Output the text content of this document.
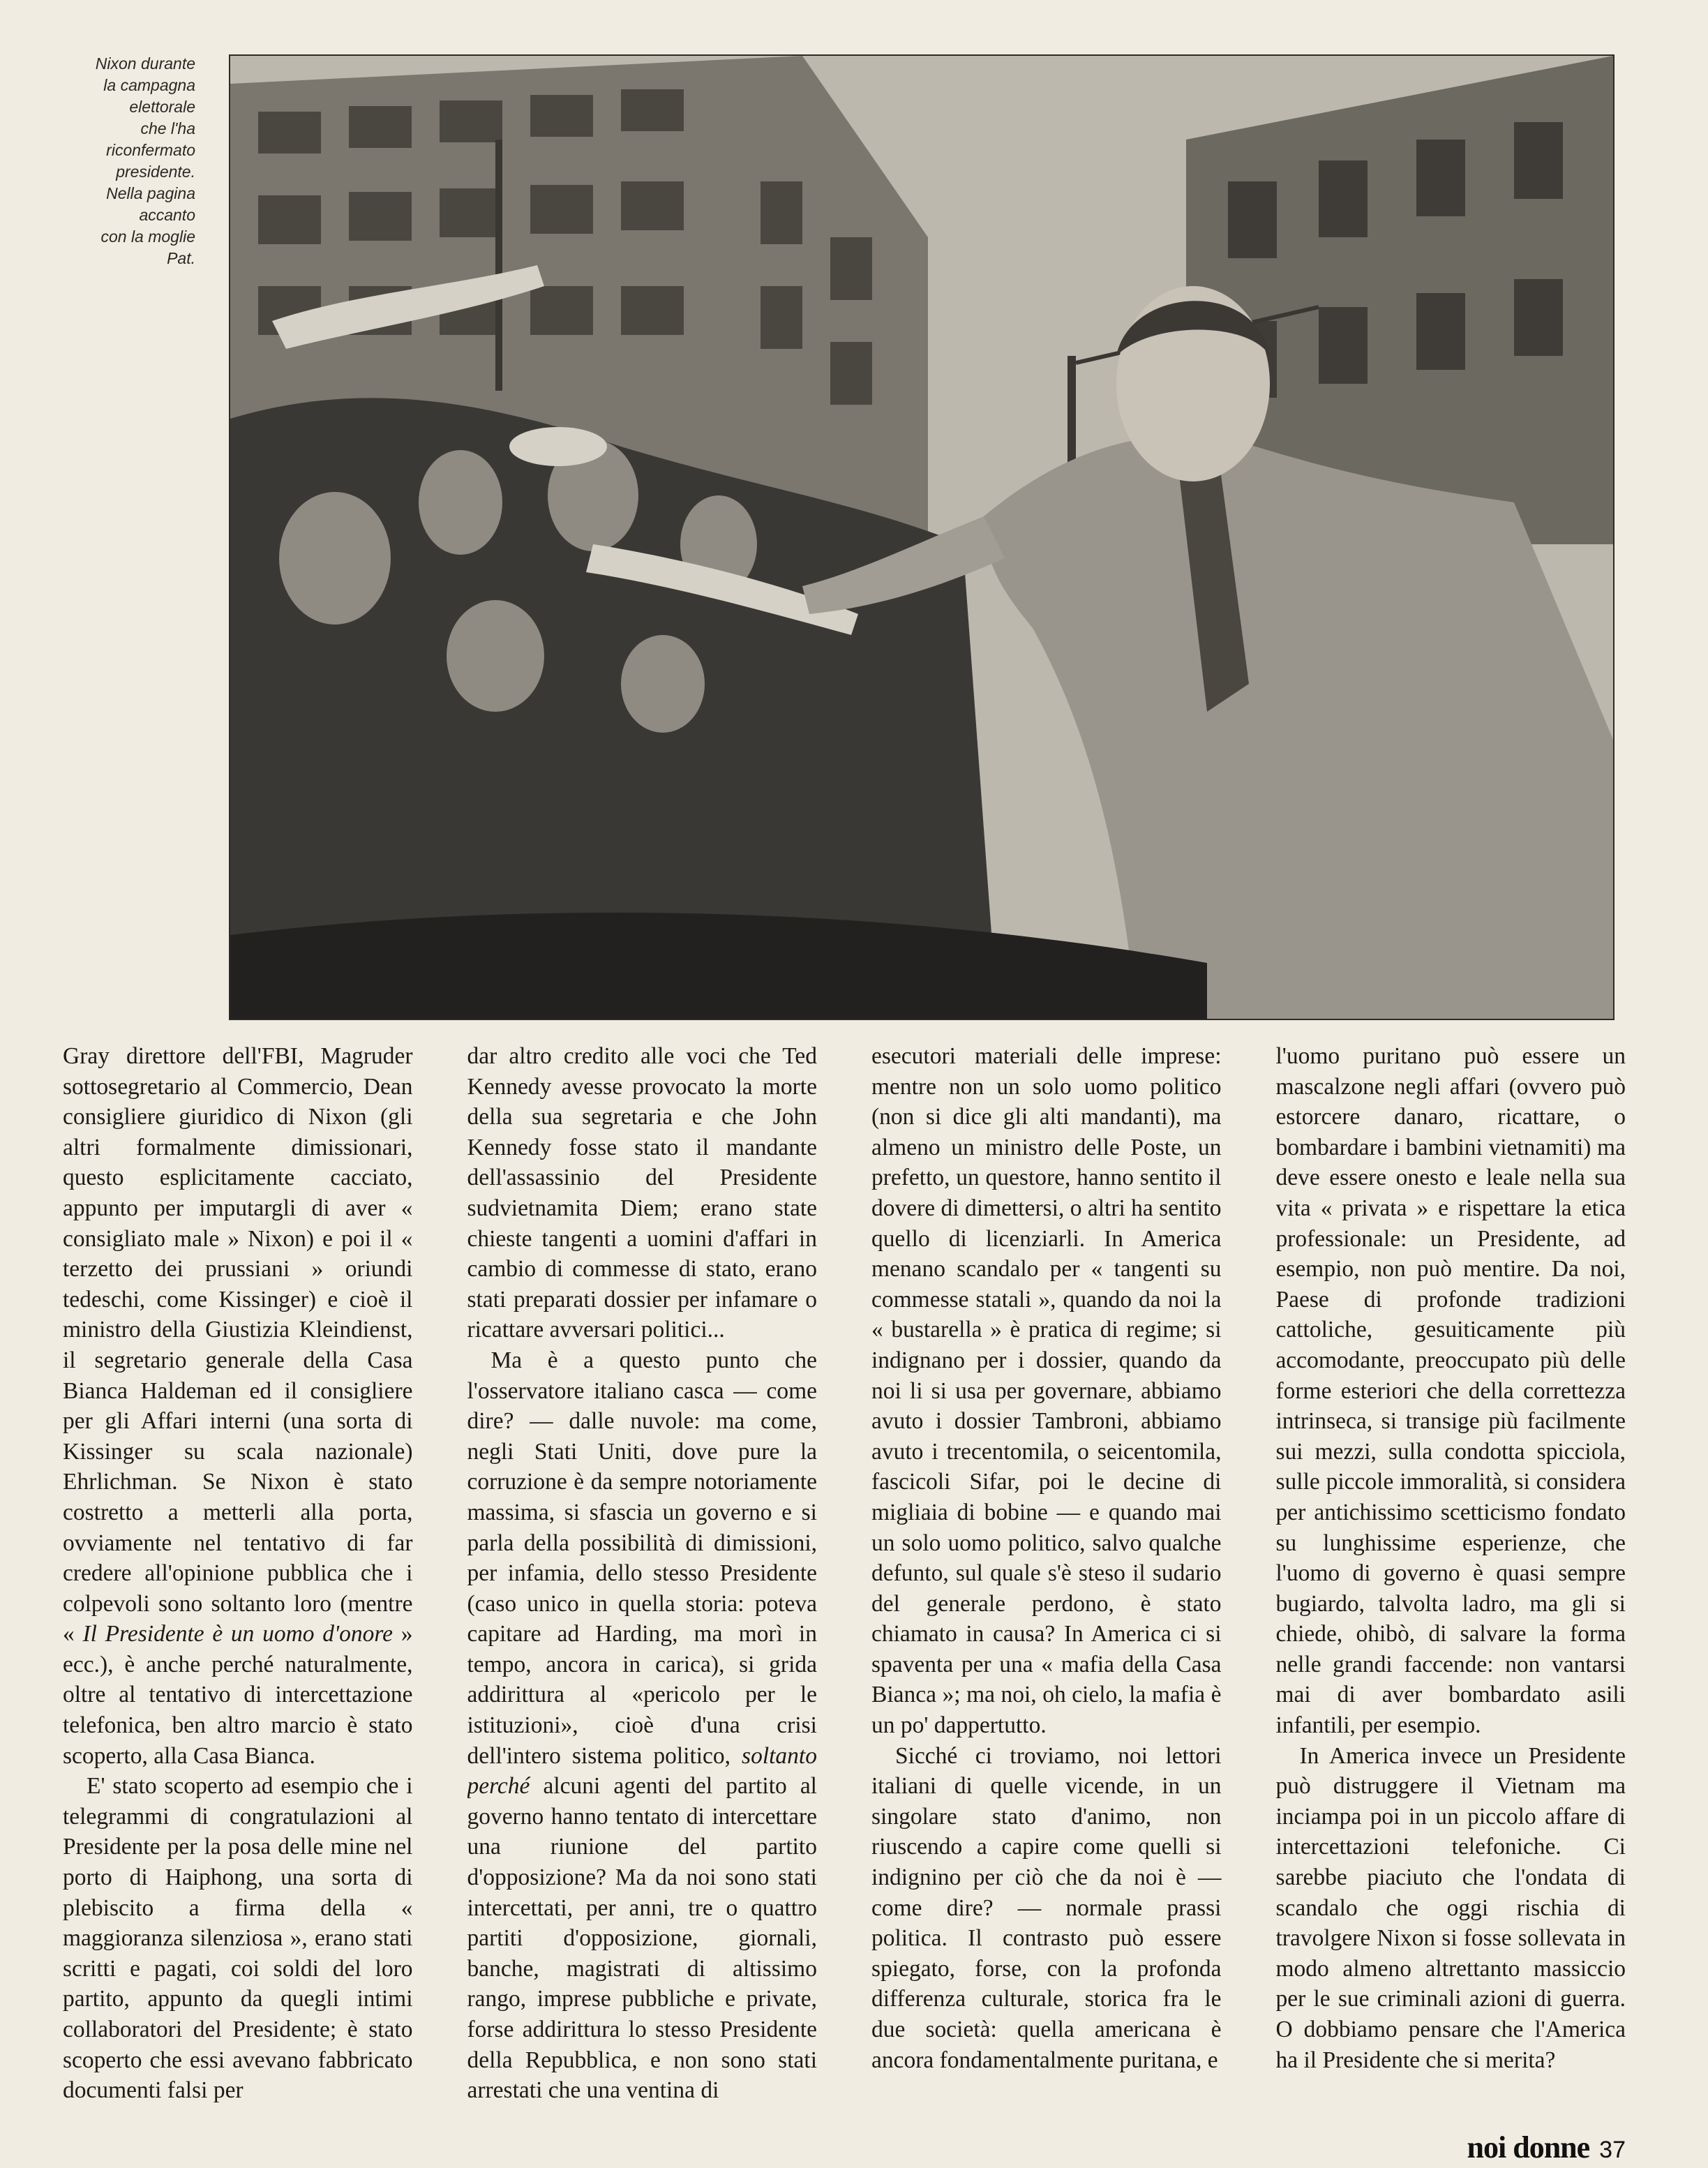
Nixon durante
la campagna
elettorale
che l'ha
riconfermato
presidente.
Nella pagina
accanto
con la moglie
Pat.

Gray direttore dell'FBI, Magruder sottosegretario al Commercio, Dean consigliere giuridico di Nixon (gli altri formalmente dimissionari, questo esplicitamente cacciato, appunto per imputargli di aver « consigliato male » Nixon) e poi il « terzetto dei prussiani » oriundi tedeschi, come Kissinger) e cioè il ministro della Giustizia Kleindienst, il segretario generale della Casa Bianca Haldeman ed il consigliere per gli Affari interni (una sorta di Kissinger su scala nazionale) Ehrlichman. Se Nixon è stato costretto a metterli alla porta, ovviamente nel tentativo di far credere all'opinione pubblica che i colpevoli sono soltanto loro (mentre « Il Presidente è un uomo d'onore » ecc.), è anche perché naturalmente, oltre al tentativo di intercettazione telefonica, ben altro marcio è stato scoperto, alla Casa Bianca.

E' stato scoperto ad esempio che i telegrammi di congratulazioni al Presidente per la posa delle mine nel porto di Haiphong, una sorta di plebiscito a firma della « maggioranza silenziosa », erano stati scritti e pagati, coi soldi del loro partito, appunto da quegli intimi collaboratori del Presidente; è stato scoperto che essi avevano fabbricato documenti falsi per

dar altro credito alle voci che Ted Kennedy avesse provocato la morte della sua segretaria e che John Kennedy fosse stato il mandante dell'assassinio del Presidente sudvietnamita Diem; erano state chieste tangenti a uomini d'affari in cambio di commesse di stato, erano stati preparati dossier per infamare o ricattare avversari politici...

Ma è a questo punto che l'osservatore italiano casca — come dire? — dalle nuvole: ma come, negli Stati Uniti, dove pure la corruzione è da sempre notoriamente massima, si sfascia un governo e si parla della possibilità di dimissioni, per infamia, dello stesso Presidente (caso unico in quella storia: poteva capitare ad Harding, ma morì in tempo, ancora in carica), si grida addirittura al «pericolo per le istituzioni», cioè d'una crisi dell'intero sistema politico, soltanto perché alcuni agenti del partito al governo hanno tentato di intercettare una riunione del partito d'opposizione? Ma da noi sono stati intercettati, per anni, tre o quattro partiti d'opposizione, giornali, banche, magistrati di altissimo rango, imprese pubbliche e private, forse addirittura lo stesso Presidente della Repubblica, e non sono stati arrestati che una ventina di

esecutori materiali delle imprese: mentre non un solo uomo politico (non si dice gli alti mandanti), ma almeno un ministro delle Poste, un prefetto, un questore, hanno sentito il dovere di dimettersi, o altri ha sentito quello di licenziarli. In America menano scandalo per « tangenti su commesse statali », quando da noi la « bustarella » è pratica di regime; si indignano per i dossier, quando da noi li si usa per governare, abbiamo avuto i dossier Tambroni, abbiamo avuto i trecentomila, o seicentomila, fascicoli Sifar, poi le decine di migliaia di bobine — e quando mai un solo uomo politico, salvo qualche defunto, sul quale s'è steso il sudario del generale perdono, è stato chiamato in causa? In America ci si spaventa per una « mafia della Casa Bianca »; ma noi, oh cielo, la mafia è un po' dappertutto.

Sicché ci troviamo, noi lettori italiani di quelle vicende, in un singolare stato d'animo, non riuscendo a capire come quelli si indignino per ciò che da noi è — come dire? — normale prassi politica. Il contrasto può essere spiegato, forse, con la profonda differenza culturale, storica fra le due società: quella americana è ancora fondamentalmente puritana, e

l'uomo puritano può essere un mascalzone negli affari (ovvero può estorcere danaro, ricattare, o bombardare i bambini vietnamiti) ma deve essere onesto e leale nella sua vita « privata » e rispettare la etica professionale: un Presidente, ad esempio, non può mentire. Da noi, Paese di profonde tradizioni cattoliche, gesuiticamente più accomodante, preoccupato più delle forme esteriori che della correttezza intrinseca, si transige più facilmente sui mezzi, sulla condotta spicciola, sulle piccole immoralità, si considera per antichissimo scetticismo fondato su lunghissime esperienze, che l'uomo di governo è quasi sempre bugiardo, talvolta ladro, ma gli si chiede, ohibò, di salvare la forma nelle grandi faccende: non vantarsi mai di aver bombardato asili infantili, per esempio.

In America invece un Presidente può distruggere il Vietnam ma inciampa poi in un piccolo affare di intercettazioni telefoniche. Ci sarebbe piaciuto che l'ondata di scandalo che oggi rischia di travolgere Nixon si fosse sollevata in modo almeno altrettanto massiccio per le sue criminali azioni di guerra. O dobbiamo pensare che l'America ha il Presidente che si merita?

noi donne 37
